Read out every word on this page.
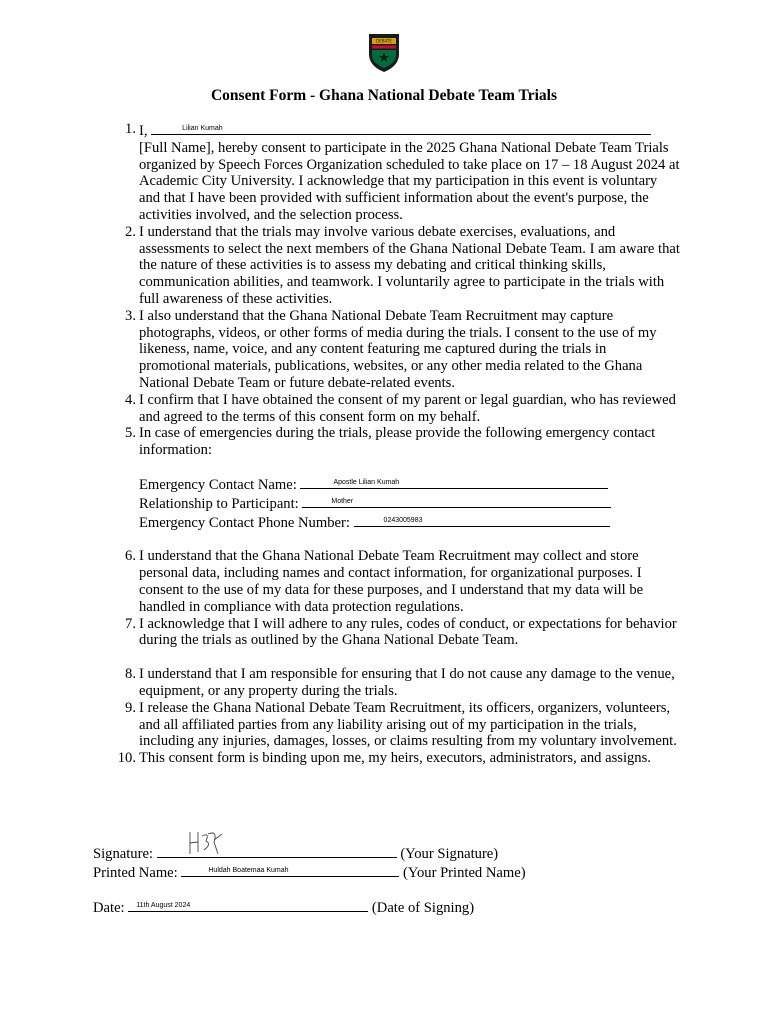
DEBATE
Consent Form - Ghana National Debate Team Trials
1. I,	Lilian Kumah

[Full Name], hereby consent to participate in the 2025 Ghana National Debate Team Trials organized by Speech Forces Organization scheduled to take place on 17 – 18 August 2024 at Academic City University. I acknowledge that my participation in this event is voluntary and that I have been provided with sufficient information about the event's purpose, the activities involved, and the selection process.

2. I understand that the trials may involve various debate exercises, evaluations, and assessments to select the next members of the Ghana National Debate Team. I am aware that the nature of these activities is to assess my debating and critical thinking skills, communication abilities, and teamwork. I voluntarily agree to participate in the trials with full awareness of these activities.

3. I also understand that the Ghana National Debate Team Recruitment may capture photographs, videos, or other forms of media during the trials. I consent to the use of my likeness, name, voice, and any content featuring me captured during the trials in promotional materials, publications, websites, or any other media related to the Ghana National Debate Team or future debate-related events.

4. I confirm that I have obtained the consent of my parent or legal guardian, who has reviewed and agreed to the terms of this consent form on my behalf.

5. In case of emergencies during the trials, please provide the following emergency contact information:

Emergency Contact Name:	Apostle Lilian Kumah
Relationship to Participant:	Mother
Emergency Contact Phone Number:	0243005983
6. I understand that the Ghana National Debate Team Recruitment may collect and store personal data, including names and contact information, for organizational purposes. I consent to the use of my data for these purposes, and I understand that my data will be handled in compliance with data protection regulations.

7. I acknowledge that I will adhere to any rules, codes of conduct, or expectations for behavior during the trials as outlined by the Ghana National Debate Team.

8. I understand that I am responsible for ensuring that I do not cause any damage to the venue, equipment, or any property during the trials.

9. I release the Ghana National Debate Team Recruitment, its officers, organizers, volunteers, and all affiliated parties from any liability arising out of my participation in the trials, including any injuries, damages, losses, or claims resulting from my voluntary involvement.

10. This consent form is binding upon me, my heirs, executors, administrators, and assigns.

Signature:	(Your Signature)
Printed Name:	Huldah Boatemaa Kumah	(Your Printed Name)
Date: 11th August 2024	(Date of Signing)
